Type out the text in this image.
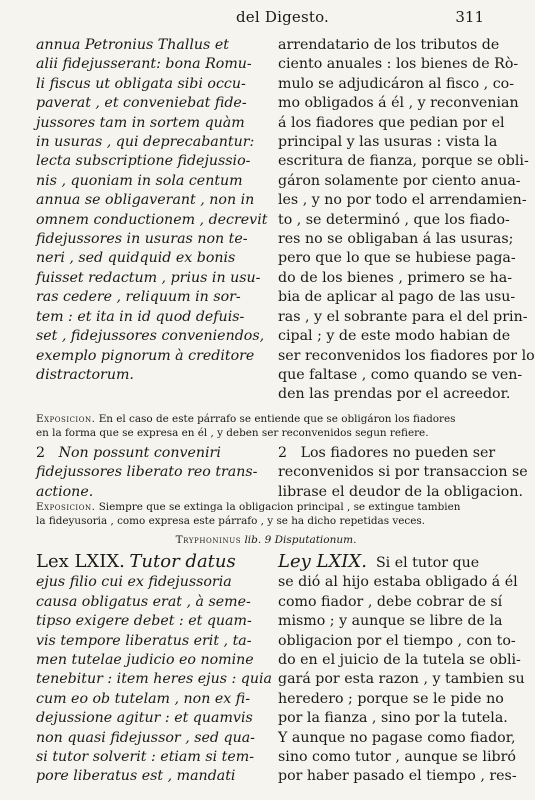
del Digesto.	311
annua Petronius Thallus et
alii fidejusserant: bona Romu-
li fiscus ut obligata sibi occu-
paverat , et conveniebat fide-
jussores tam in sortem quàm
in usuras , qui deprecabantur:
lecta subscriptione fidejussio-
nis , quoniam in sola centum
annua se obligaverant , non in
omnem conductionem , decrevit
fidejussores in usuras non te-
neri , sed quidquid ex bonis
fuisset redactum , prius in usu-
ras cedere , reliquum in sor-
tem : et ita in id quod defuis-
set , fidejussores conveniendos,
exemplo pignorum à creditore
distractorum.
arrendatario de los tributos de
ciento anuales : los bienes de Rò-
mulo se adjudicáron al fisco , co-
mo obligados á él , y reconvenian
á los fiadores que pedian por el
principal y las usuras : vista la
escritura de fianza, porque se obli-
gáron solamente por ciento anua-
les , y no por todo el arrendamien-
to , se determinó , que los fiado-
res no se obligaban á las usuras;
pero que lo que se hubiese paga-
do de los bienes , primero se ha-
bia de aplicar al pago de las usu-
ras , y el sobrante para el del prin-
cipal ; y de este modo habian de
ser reconvenidos los fiadores por lo
que faltase , como quando se ven-
den las prendas por el acreedor.
Exposicion. En el caso de este párrafo se entiende que se obligáron los fiadores
en la forma que se expresa en él , y deben ser reconvenidos segun refiere.
2 Non possunt conveniri
fidejussores liberato reo trans-
actione.
2 Los fiadores no pueden ser
reconvenidos si por transaccion se
librase el deudor de la obligacion.
Exposicion. Siempre que se extinga la obligacion principal , se extingue tambien
la fideyusoria , como expresa este párrafo , y se ha dicho repetidas veces.
Tryphoninus lib. 9 Disputationum.
Lex LXIX. Tutor datus
ejus filio cui ex fidejussoria
causa obligatus erat , à seme-
tipso exigere debet : et quam-
vis tempore liberatus erit , ta-
men tutelae judicio eo nomine
tenebitur : item heres ejus : quia
cum eo ob tutelam , non ex fi-
dejussione agitur : et quamvis
non quasi fidejussor , sed qua-
si tutor solverit : etiam si tem-
pore liberatus est , mandati
Ley LXIX. Si el tutor que
se dió al hijo estaba obligado á él
como fiador , debe cobrar de sí
mismo ; y aunque se libre de la
obligacion por el tiempo , con to-
do en el juicio de la tutela se obli-
gará por esta razon , y tambien su
heredero ; porque se le pide no
por la fianza , sino por la tutela.
Y aunque no pagase como fiador,
sino como tutor , aunque se libró
por haber pasado el tiempo , res-
